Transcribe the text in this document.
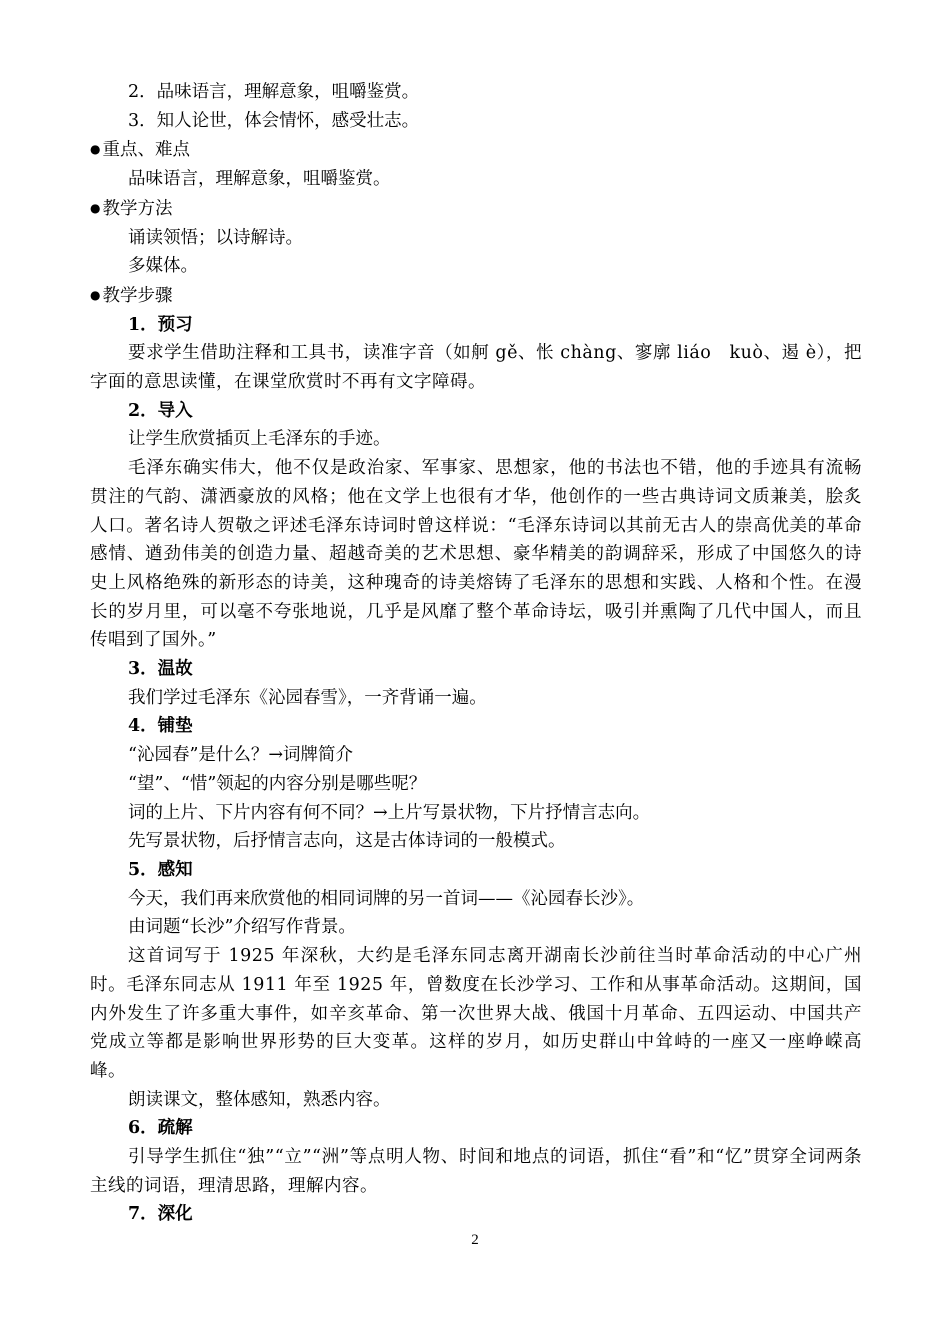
2．品味语言，理解意象，咀嚼鉴赏。
3．知人论世，体会情怀，感受壮志。
● 重点、难点
品味语言，理解意象，咀嚼鉴赏。
● 教学方法
诵读领悟；以诗解诗。
多媒体。
● 教学步骤
1．预习
要求学生借助注释和工具书，读准字音（如舸 gě、怅 chàng、寥廓 liáo　kuò、遏 è），把字面的意思读懂，在课堂欣赏时不再有文字障碍。
2．导入
让学生欣赏插页上毛泽东的手迹。
毛泽东确实伟大，他不仅是政治家、军事家、思想家，他的书法也不错，他的手迹具有流畅贯注的气韵、潇洒豪放的风格；他在文学上也很有才华，他创作的一些古典诗词文质兼美，脍炙人口。著名诗人贺敬之评述毛泽东诗词时曾这样说：“毛泽东诗词以其前无古人的崇高优美的革命感情、遒劲伟美的创造力量、超越奇美的艺术思想、豪华精美的韵调辞采，形成了中国悠久的诗史上风格绝殊的新形态的诗美，这种瑰奇的诗美熔铸了毛泽东的思想和实践、人格和个性。在漫长的岁月里，可以毫不夸张地说，几乎是风靡了整个革命诗坛，吸引并熏陶了几代中国人，而且传唱到了国外。”
3．温故
我们学过毛泽东《沁园春雪》，一齐背诵一遍。
4．铺垫
“沁园春”是什么？→词牌简介
“望”、“惜”领起的内容分别是哪些呢？
词的上片、下片内容有何不同？→上片写景状物，下片抒情言志向。
先写景状物，后抒情言志向，这是古体诗词的一般模式。
5．感知
今天，我们再来欣赏他的相同词牌的另一首词——《沁园春长沙》。
由词题“长沙”介绍写作背景。
这首词写于 1925 年深秋，大约是毛泽东同志离开湖南长沙前往当时革命活动的中心广州时。毛泽东同志从 1911 年至 1925 年，曾数度在长沙学习、工作和从事革命活动。这期间，国内外发生了许多重大事件，如辛亥革命、第一次世界大战、俄国十月革命、五四运动、中国共产党成立等都是影响世界形势的巨大变革。这样的岁月，如历史群山中耸峙的一座又一座峥嵘高峰。
朗读课文，整体感知，熟悉内容。
6．疏解
引导学生抓住“独”“立”“洲”等点明人物、时间和地点的词语，抓住“看”和“忆”贯穿全词两条主线的词语，理清思路，理解内容。
7．深化
2
